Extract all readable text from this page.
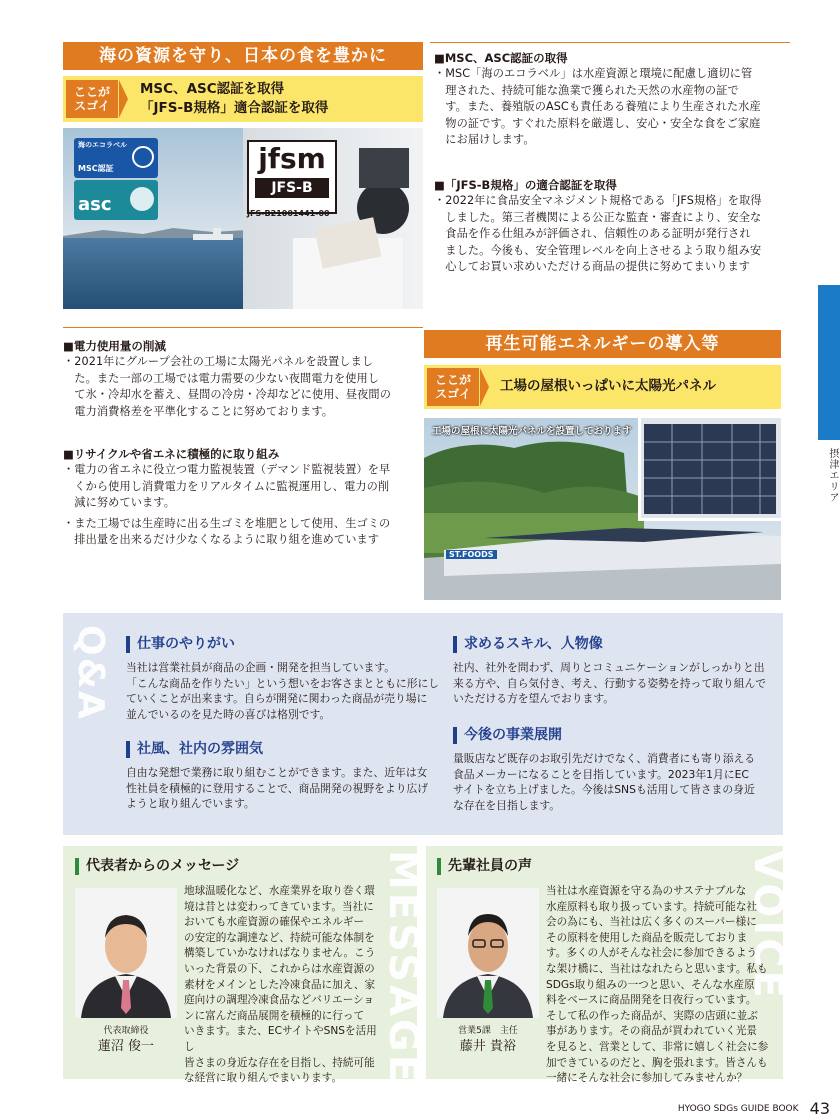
海の資源を守り、日本の食を豊かに
ここが
スゴイ
MSC、ASC認証を取得
「JFS-B規格」適合認証を取得
海のエコラベル
MSC認証
asc
jfsm
JFS-B
JFS-B21001441-00
■MSC、ASC認証の取得
・MSC「海のエコラベル」は水産資源と環境に配慮し適切に管
　理された、持続可能な漁業で獲られた天然の水産物の証で
　す。また、養殖版のASCも責任ある養殖により生産された水産
　物の証です。すぐれた原料を厳選し、安心・安全な食をご家庭
　にお届けします。
■「JFS-B規格」の適合認証を取得
・2022年に食品安全マネジメント規格である「JFS規格」を取得
　しました。第三者機関による公正な監査・審査により、安全な
　食品を作る仕組みが評価され、信頼性のある証明が発行され
　ました。今後も、安全管理レベルを向上させるよう取り組み安
　心してお買い求めいただける商品の提供に努めてまいります
摂津エリア
■電力使用量の削減
・2021年にグループ会社の工場に太陽光パネルを設置しまし
　た。また一部の工場では電力需要の少ない夜間電力を使用し
　て氷・冷却水を蓄え、昼間の冷房・冷却などに使用、昼夜間の
　電力消費格差を平準化することに努めております。
■リサイクルや省エネに積極的に取り組み
・電力の省エネに役立つ電力監視装置（デマンド監視装置）を早
　くから使用し消費電力をリアルタイムに監視運用し、電力の削
　減に努めています。
・また工場では生産時に出る生ゴミを堆肥として使用、生ゴミの
　排出量を出来るだけ少なくなるように取り組を進めています
再生可能エネルギーの導入等
ここが
スゴイ	工場の屋根いっぱいに太陽光パネル
工場の屋根に太陽光パネルを設置しております
ST.FOODS
Q&A	仕事のやりがい
当社は営業社員が商品の企画・開発を担当しています。
「こんな商品を作りたい」という想いをお客さまとともに形にし
ていくことが出来ます。自らが開発に関わった商品が売り場に
並んでいるのを見た時の喜びは格別です。
求めるスキル、人物像
社内、社外を問わず、周りとコミュニケーションがしっかりと出
来る方や、自ら気付き、考え、行動する姿勢を持って取り組んで
いただける方を望んでおります。
社風、社内の雰囲気
自由な発想で業務に取り組むことができます。また、近年は女
性社員を積極的に登用することで、商品開発の視野をより広げ
ようと取り組んでいます。
今後の事業展開
量販店など既存のお取引先だけでなく、消費者にも寄り添える
食品メーカーになることを目指しています。2023年1月にEC
サイトを立ち上げました。今後はSNSも活用して皆さまの身近
な存在を目指します。
MESSAGE
代表者からのメッセージ
代表取締役
蓮沼 俊一
地球温暖化など、水産業界を取り巻く環
境は昔とは変わってきています。当社に
おいても水産資源の確保やエネルギー
の安定的な調達など、持続可能な体制を
構築していかなければなりません。こう
いった背景の下、これからは水産資源の
素材をメインとした冷凍食品に加え、家
庭向けの調理冷凍食品などバリエーショ
ンに富んだ商品展開を積極的に行って
いきます。また、ECサイトやSNSを活用し
皆さまの身近な存在を目指し、持続可能
な経営に取り組んでまいります。
VOICE
先輩社員の声
営業5課　主任
藤井 貴裕
当社は水産資源を守る為のサステナブルな
水産原料も取り扱っています。持続可能な社
会の為にも、当社は広く多くのスーパー様に
その原料を使用した商品を販売しておりま
す。多くの人がそんな社会に参加できるよう
な架け橋に、当社はなれたらと思います。私も
SDGs取り組みの一つと思い、そんな水産原
料をベースに商品開発を日夜行っています。
そして私の作った商品が、実際の店頭に並ぶ
事があります。その商品が買われていく光景
を見ると、営業として、非常に嬉しく社会に参
加できているのだと、胸を張れます。皆さんも
一緒にそんな社会に参加してみませんか？
HYOGO SDGs GUIDE BOOK 43
